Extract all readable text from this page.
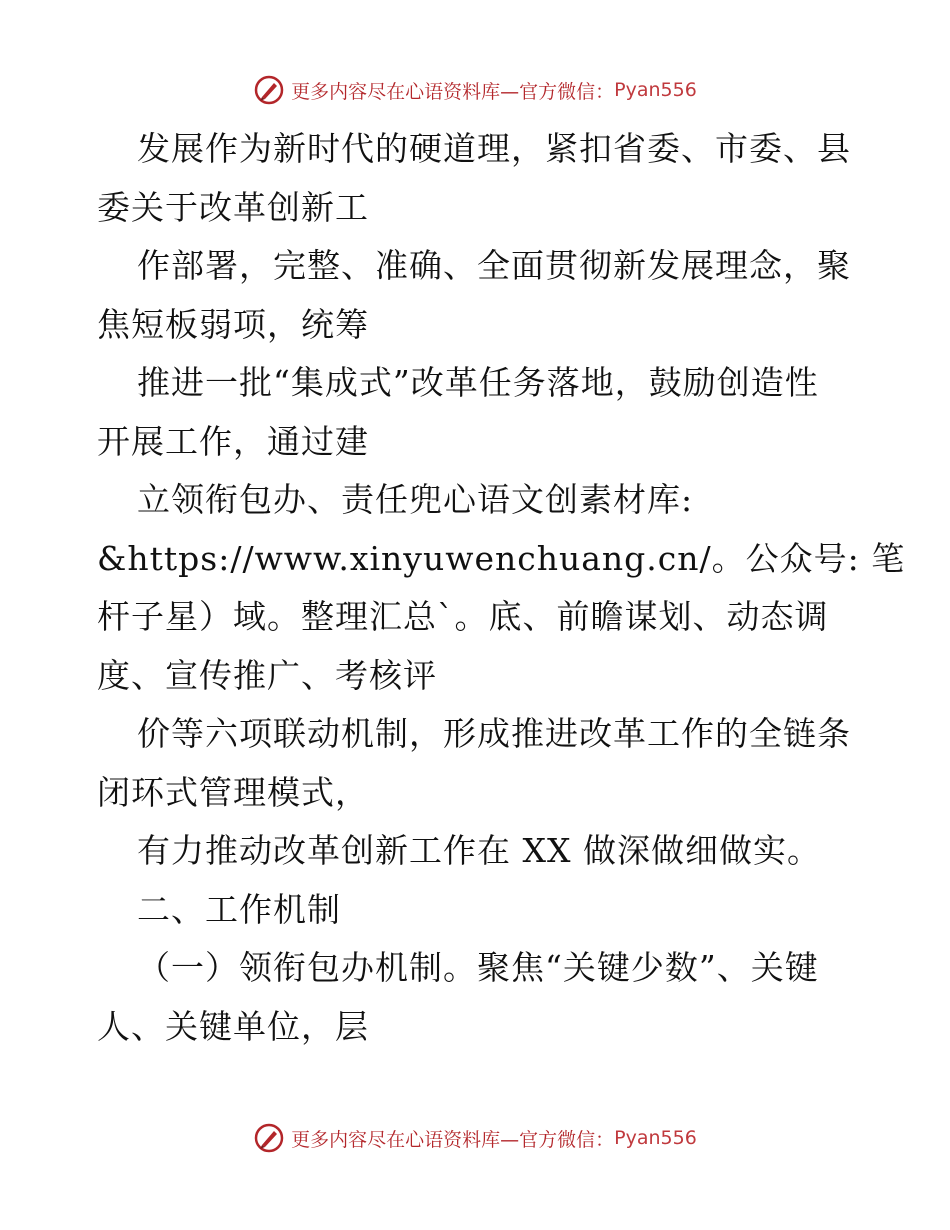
更多内容尽在心语资料库—官方微信： Pyan556
发展作为新时代的硬道理，紧扣省委、市委、县
委关于改革创新工
作部署，完整、准确、全面贯彻新发展理念，聚
焦短板弱项，统筹
推进一批“集成式”改革任务落地，鼓励创造性
开展工作，通过建
立领衔包办、责任兜心语文创素材库:
&https://www.xinyuwenchuang.cn/。公众号: 笔
杆子星）域。整理汇总`。底、前瞻谋划、动态调
度、宣传推广、考核评
价等六项联动机制，形成推进改革工作的全链条
闭环式管理模式，
有力推动改革创新工作在 XX 做深做细做实。
二、工作机制
（一）领衔包办机制。聚焦“关键少数”、关键
人、关键单位，层
更多内容尽在心语资料库—官方微信： Pyan556
